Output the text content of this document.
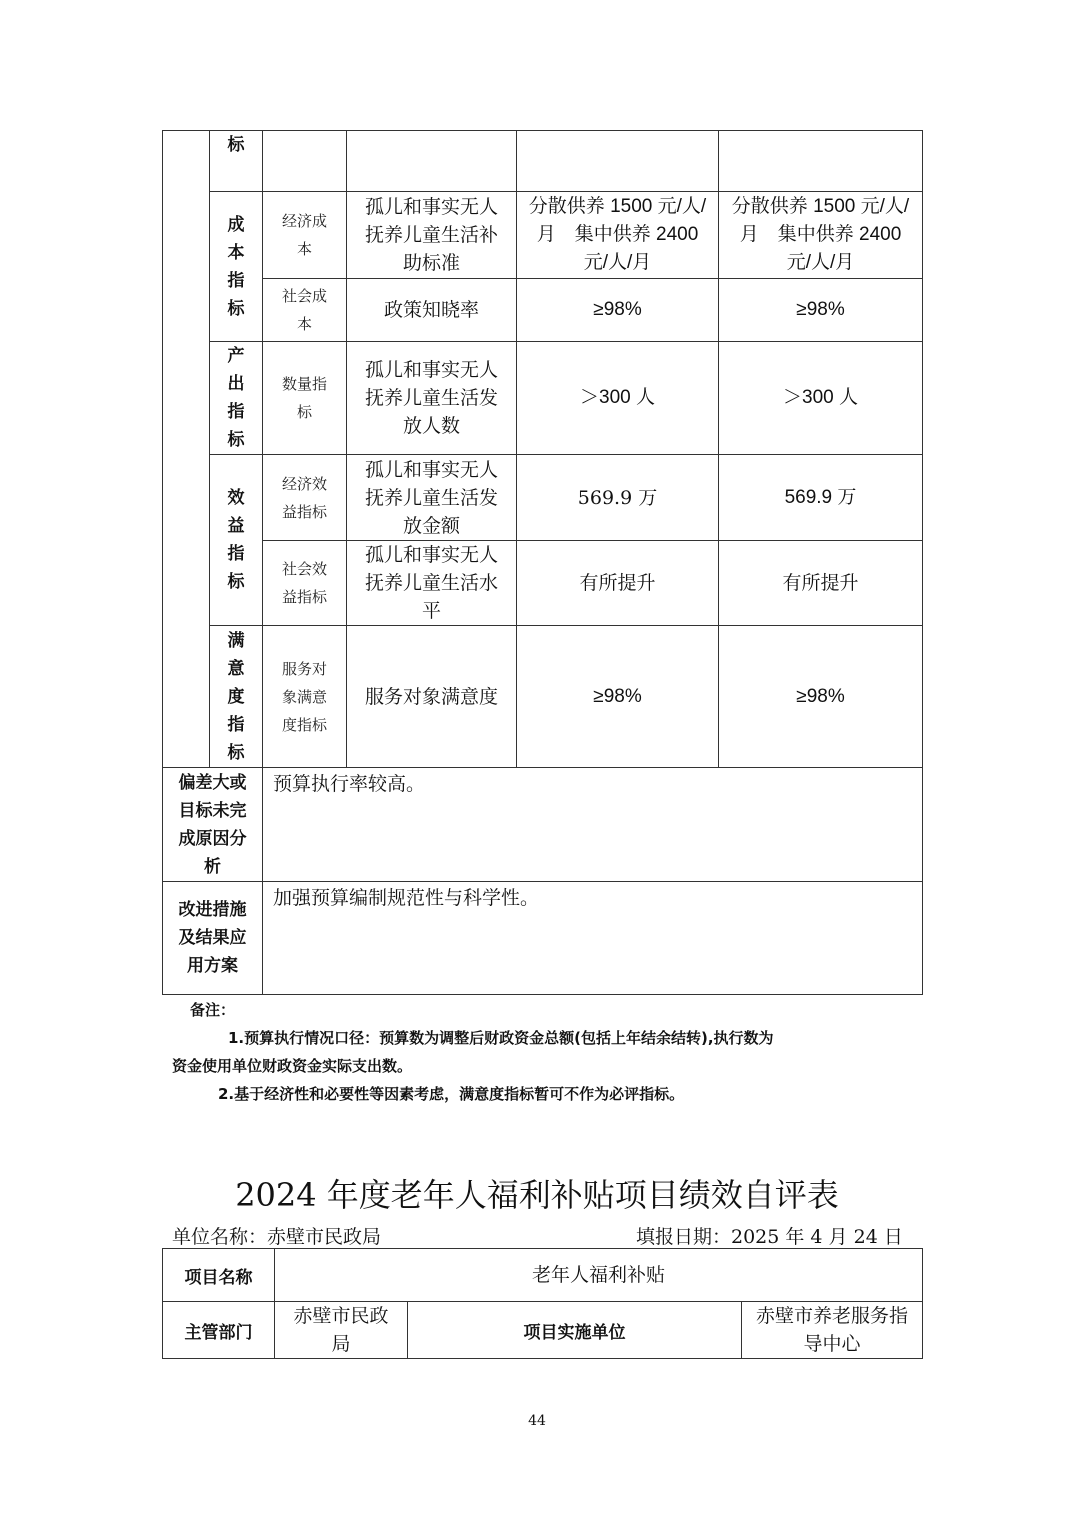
	标				

	成本指标	经济成本	孤儿和事实无人抚养儿童生活补助标准	分散供养 1500 元/人/月　集中供养 2400 元/人/月	分散供养 1500 元/人/月　集中供养 2400 元/人/月

		社会成本	政策知晓率	≥98%	≥98%

	产出指标	数量指标	孤儿和事实无人抚养儿童生活发放人数	＞300 人	＞300 人

	效益指标	经济效益指标	孤儿和事实无人抚养儿童生活发放金额	569.9 万	569.9 万

		社会效益指标	孤儿和事实无人抚养儿童生活水平	有所提升	有所提升

	满意度指标	服务对象满意度指标	服务对象满意度	≥98%	≥98%
偏差大或目标未完成原因分析	预算执行率较高。

改进措施及结果应用方案	加强预算编制规范性与科学性。
备注：
1.预算执行情况口径：预算数为调整后财政资金总额(包括上年结余结转),执行数为
资金使用单位财政资金实际支出数。
2.基于经济性和必要性等因素考虑，满意度指标暂可不作为必评指标。
2024 年度老年人福利补贴项目绩效自评表
单位名称：赤壁市民政局	填报日期：2025 年 4 月 24 日
项目名称	老年人福利补贴		
主管部门	赤壁市民政局	项目实施单位	赤壁市养老服务指导中心
44
